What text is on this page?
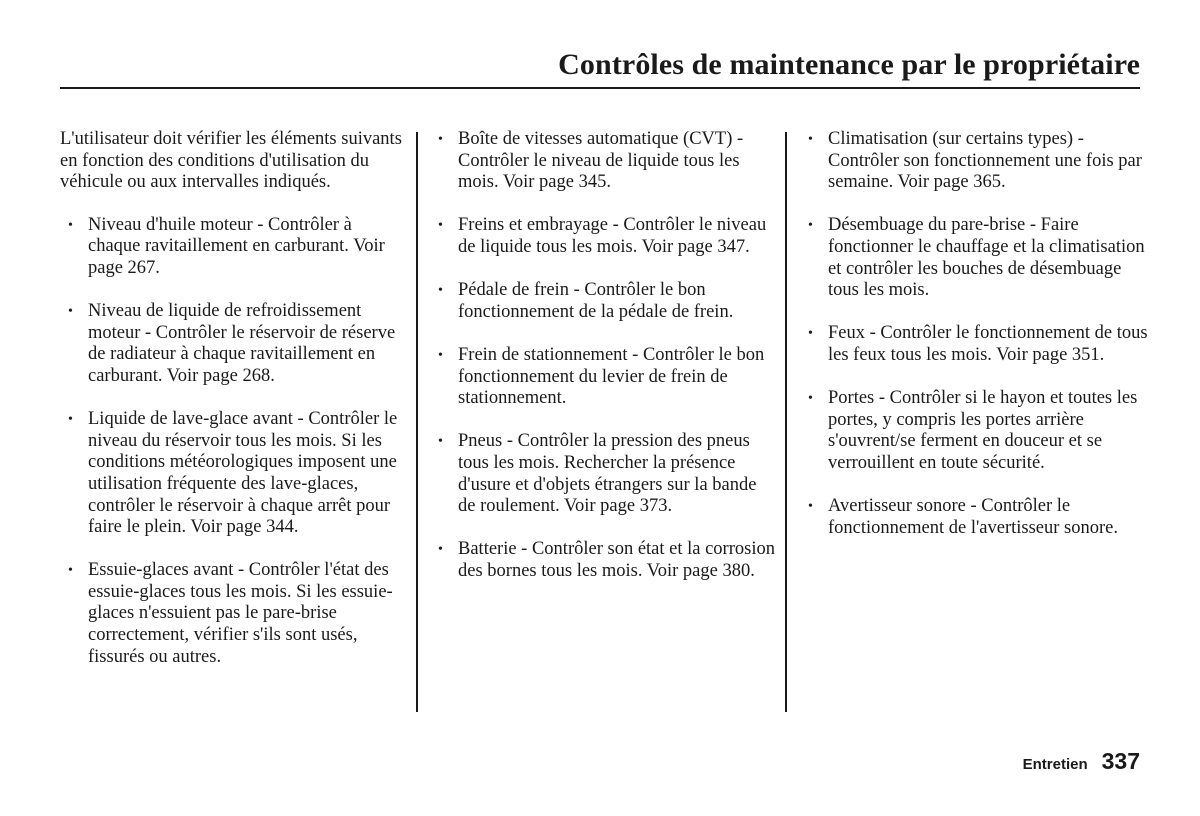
Contrôles de maintenance par le propriétaire

L'utilisateur doit vérifier les éléments suivants en fonction des conditions d'utilisation du véhicule ou aux intervalles indiqués.

• Niveau d'huile moteur - Contrôler à chaque ravitaillement en carburant. Voir page 267.
• Niveau de liquide de refroidissement moteur - Contrôler le réservoir de réserve de radiateur à chaque ravitaillement en carburant. Voir page 268.
• Liquide de lave-glace avant - Contrôler le niveau du réservoir tous les mois. Si les conditions météorologiques imposent une utilisation fréquente des lave-glaces, contrôler le réservoir à chaque arrêt pour faire le plein. Voir page 344.
• Essuie-glaces avant - Contrôler l'état des essuie-glaces tous les mois. Si les essuie-glaces n'essuient pas le pare-brise correctement, vérifier s'ils sont usés, fissurés ou autres.
• Boîte de vitesses automatique (CVT) - Contrôler le niveau de liquide tous les mois. Voir page 345.
• Freins et embrayage - Contrôler le niveau de liquide tous les mois. Voir page 347.
• Pédale de frein - Contrôler le bon fonctionnement de la pédale de frein.
• Frein de stationnement - Contrôler le bon fonctionnement du levier de frein de stationnement.
• Pneus - Contrôler la pression des pneus tous les mois. Rechercher la présence d'usure et d'objets étrangers sur la bande de roulement. Voir page 373.
• Batterie - Contrôler son état et la corrosion des bornes tous les mois. Voir page 380.
• Climatisation (sur certains types) - Contrôler son fonctionnement une fois par semaine. Voir page 365.
• Désembuage du pare-brise - Faire fonctionner le chauffage et la climatisation et contrôler les bouches de désembuage tous les mois.
• Feux - Contrôler le fonctionnement de tous les feux tous les mois. Voir page 351.
• Portes - Contrôler si le hayon et toutes les portes, y compris les portes arrière s'ouvrent/se ferment en douceur et se verrouillent en toute sécurité.
• Avertisseur sonore - Contrôler le fonctionnement de l'avertisseur sonore.
Entretien 337
